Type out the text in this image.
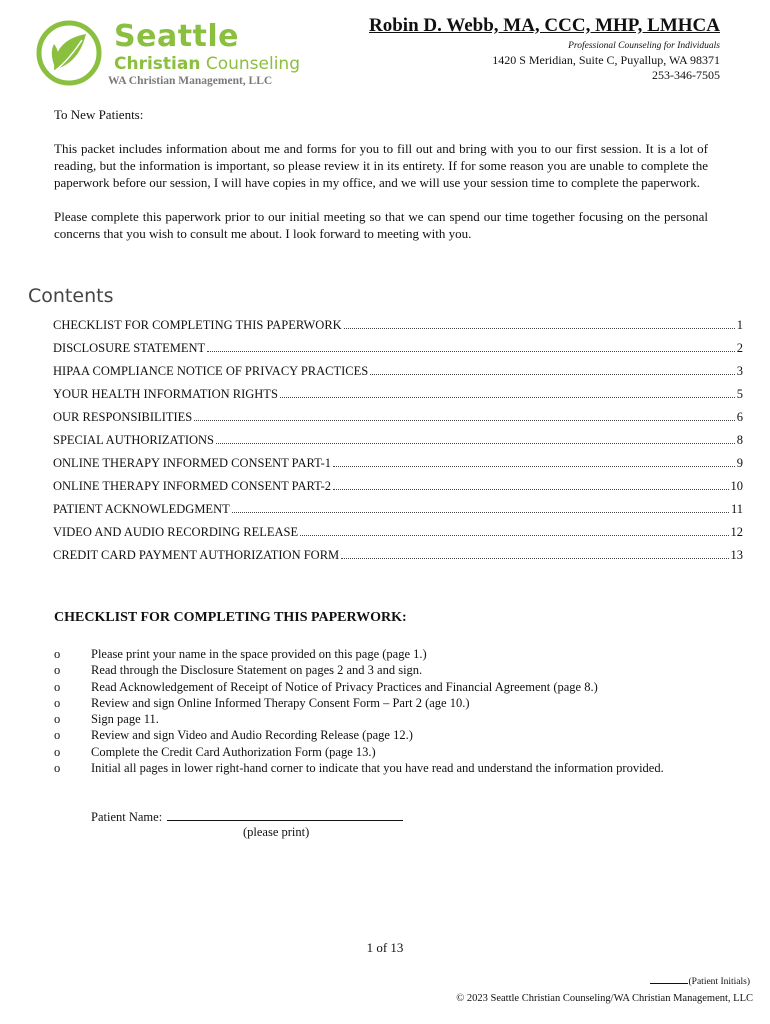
Seattle
Christian Counseling
WA Christian Management, LLC
Robin D. Webb, MA, CCC, MHP, LMHCA
Professional Counseling for Individuals
1420 S Meridian, Suite C, Puyallup, WA 98371
253-346-7505

To New Patients:

This packet includes information about me and forms for you to fill out and bring with you to our first session. It is a lot of reading, but the information is important, so please review it in its entirety. If for some reason you are unable to complete the paperwork before our session, I will have copies in my office, and we will use your session time to complete the paperwork.

Please complete this paperwork prior to our initial meeting so that we can spend our time together focusing on the personal concerns that you wish to consult me about. I look forward to meeting with you.

Contents
CHECKLIST FOR COMPLETING THIS PAPERWORK	1
DISCLOSURE STATEMENT	2
HIPAA COMPLIANCE NOTICE OF PRIVACY PRACTICES	3
YOUR HEALTH INFORMATION RIGHTS	5
OUR RESPONSIBILITIES	6
SPECIAL AUTHORIZATIONS	8
ONLINE THERAPY INFORMED CONSENT PART-1	9
ONLINE THERAPY INFORMED CONSENT PART-2	10
PATIENT ACKNOWLEDGMENT	11
VIDEO AND AUDIO RECORDING RELEASE	12
CREDIT CARD PAYMENT AUTHORIZATION FORM	13
CHECKLIST FOR COMPLETING THIS PAPERWORK:
o	Please print your name in the space provided on this page (page 1.)
o	Read through the Disclosure Statement on pages 2 and 3 and sign.
o	Read Acknowledgement of Receipt of Notice of Privacy Practices and Financial Agreement (page 8.)
o	Review and sign Online Informed Therapy Consent Form – Part 2 (age 10.)
o	Sign page 11.
o	Review and sign Video and Audio Recording Release (page 12.)
o	Complete the Credit Card Authorization Form (page 13.)
o	Initial all pages in lower right-hand corner to indicate that you have read and understand the information provided.
Patient Name:
(please print)
1 of 13
(Patient Initials)
© 2023 Seattle Christian Counseling/WA Christian Management, LLC
